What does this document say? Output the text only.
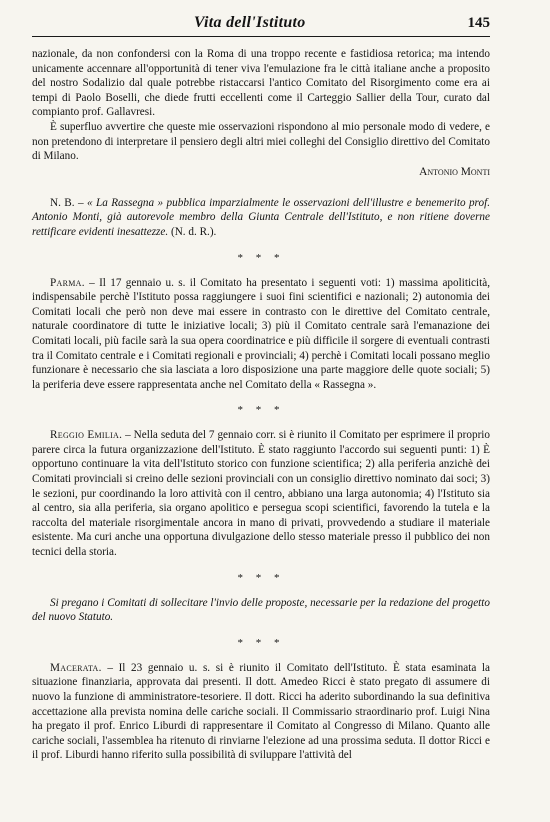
Vita dell'Istituto	145

nazionale, da non confondersi con la Roma di una troppo recente e fastidiosa retorica; ma intendo unicamente accennare all'opportunità di tener viva l'emulazione fra le città italiane anche a proposito del nostro Sodalizio dal quale potrebbe ristaccarsi l'antico Comitato del Risorgimento come era ai tempi di Paolo Boselli, che diede frutti eccellenti come il Carteggio Sallier della Tour, curato dal compianto prof. Gallavresi.

È superfluo avvertire che queste mie osservazioni rispondono al mio personale modo di vedere, e non pretendono di interpretare il pensiero degli altri miei colleghi del Consiglio direttivo del Comitato di Milano.

Antonio Monti

N. B. – « La Rassegna » pubblica imparzialmente le osservazioni dell'illustre e benemerito prof. Antonio Monti, già autorevole membro della Giunta Centrale dell'Istituto, e non ritiene doverne rettificare evidenti inesattezze. (N. d. R.).

* * *

Parma. – Il 17 gennaio u. s. il Comitato ha presentato i seguenti voti: 1) massima apoliticità, indispensabile perchè l'Istituto possa raggiungere i suoi fini scientifici e nazionali; 2) autonomia dei Comitati locali che però non deve mai essere in contrasto con le direttive del Comitato centrale, naturale coordinatore di tutte le iniziative locali; 3) più il Comitato centrale sarà l'emanazione dei Comitati locali, più facile sarà la sua opera coordinatrice e più difficile il sorgere di eventuali contrasti tra il Comitato centrale e i Comitati regionali e provinciali; 4) perchè i Comitati locali possano meglio funzionare è necessario che sia lasciata a loro disposizione una parte maggiore delle quote sociali; 5) la periferia deve essere rappresentata anche nel Comitato della « Rassegna ».

* * *

Reggio Emilia. – Nella seduta del 7 gennaio corr. si è riunito il Comitato per esprimere il proprio parere circa la futura organizzazione dell'Istituto. È stato raggiunto l'accordo sui seguenti punti: 1) È opportuno continuare la vita dell'Istituto storico con funzione scientifica; 2) alla periferia anzichè dei Comitati provinciali si creino delle sezioni provinciali con un consiglio direttivo nominato dai soci; 3) le sezioni, pur coordinando la loro attività con il centro, abbiano una larga autonomia; 4) l'Istituto sia al centro, sia alla periferia, sia organo apolitico e persegua scopi scientifici, favorendo la tutela e la raccolta del materiale risorgimentale ancora in mano di privati, provvedendo a studiare il materiale esistente. Ma curi anche una opportuna divulgazione dello stesso materiale presso il pubblico dei non tecnici della storia.

* * *

Si pregano i Comitati di sollecitare l'invio delle proposte, necessarie per la redazione del progetto del nuovo Statuto.

* * *

Macerata. – Il 23 gennaio u. s. si è riunito il Comitato dell'Istituto. È stata esaminata la situazione finanziaria, approvata dai presenti. Il dott. Amedeo Ricci è stato pregato di assumere di nuovo la funzione di amministratore-tesoriere. Il dott. Ricci ha aderito subordinando la sua definitiva accettazione alla prevista nomina delle cariche sociali. Il Commissario straordinario prof. Luigi Nina ha pregato il prof. Enrico Liburdi di rappresentare il Comitato al Congresso di Milano. Quanto alle cariche sociali, l'assemblea ha ritenuto di rinviarne l'elezione ad una prossima seduta. Il dottor Ricci e il prof. Liburdi hanno riferito sulla possibilità di sviluppare l'attività del
